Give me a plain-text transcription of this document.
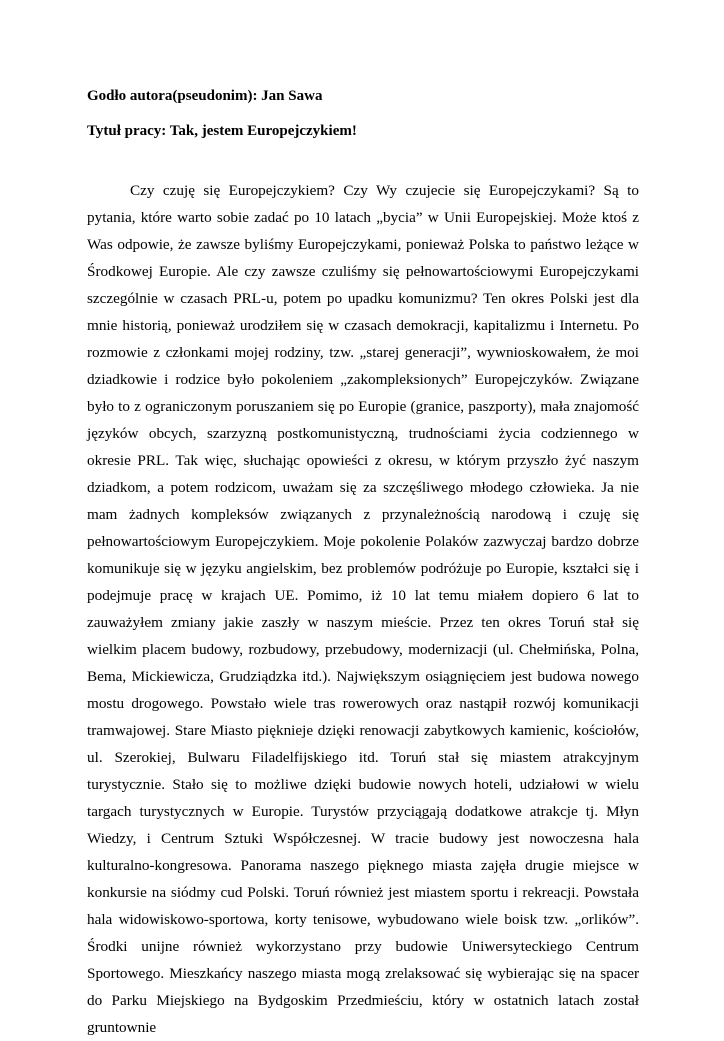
Godło autora(pseudonim): Jan Sawa

Tytuł pracy: Tak, jestem Europejczykiem!

Czy czuję się Europejczykiem? Czy Wy czujecie się Europejczykami? Są to pytania, które warto sobie zadać po 10 latach „bycia” w Unii Europejskiej. Może ktoś z Was odpowie, że zawsze byliśmy Europejczykami, ponieważ Polska to państwo leżące w Środkowej Europie. Ale czy zawsze czuliśmy się pełnowartościowymi Europejczykami szczególnie w czasach PRL-u, potem po upadku komunizmu? Ten okres Polski jest dla mnie historią, ponieważ urodziłem się w czasach demokracji, kapitalizmu i Internetu. Po rozmowie z członkami mojej rodziny, tzw. „starej generacji”, wywnioskowałem, że moi dziadkowie i rodzice było pokoleniem „zakompleksionych” Europejczyków. Związane było to z ograniczonym poruszaniem się po Europie (granice, paszporty), mała znajomość języków obcych, szarzyzną postkomunistyczną, trudnościami życia codziennego w okresie PRL. Tak więc, słuchając opowieści z okresu, w którym przyszło żyć naszym dziadkom, a potem rodzicom, uważam się za szczęśliwego młodego człowieka. Ja nie mam żadnych kompleksów związanych z przynależnością narodową i czuję się pełnowartościowym Europejczykiem. Moje pokolenie Polaków zazwyczaj bardzo dobrze komunikuje się w języku angielskim, bez problemów podróżuje po Europie, kształci się i podejmuje pracę w krajach UE. Pomimo, iż 10 lat temu miałem dopiero 6 lat to zauważyłem zmiany jakie zaszły w naszym mieście. Przez ten okres Toruń stał się wielkim placem budowy, rozbudowy, przebudowy, modernizacji (ul. Chełmińska, Polna, Bema, Mickiewicza, Grudziądzka itd.). Największym osiągnięciem jest budowa nowego mostu drogowego. Powstało wiele tras rowerowych oraz nastąpił rozwój komunikacji tramwajowej. Stare Miasto pięknieje dzięki renowacji zabytkowych kamienic, kościołów, ul. Szerokiej, Bulwaru Filadelfijskiego itd. Toruń stał się miastem atrakcyjnym turystycznie. Stało się to możliwe dzięki budowie nowych hoteli, udziałowi w wielu targach turystycznych w Europie. Turystów przyciągają dodatkowe atrakcje tj. Młyn Wiedzy, i Centrum Sztuki Współczesnej. W tracie budowy jest nowoczesna hala kulturalno-kongresowa. Panorama naszego pięknego miasta zajęła drugie miejsce w konkursie na siódmy cud Polski. Toruń również jest miastem sportu i rekreacji. Powstała hala widowiskowo-sportowa, korty tenisowe, wybudowano wiele boisk tzw. „orlików”. Środki unijne również wykorzystano przy budowie Uniwersyteckiego Centrum Sportowego. Mieszkańcy naszego miasta mogą zrelaksować się wybierając się na spacer do Parku Miejskiego na Bydgoskim Przedmieściu, który w ostatnich latach został gruntownie
